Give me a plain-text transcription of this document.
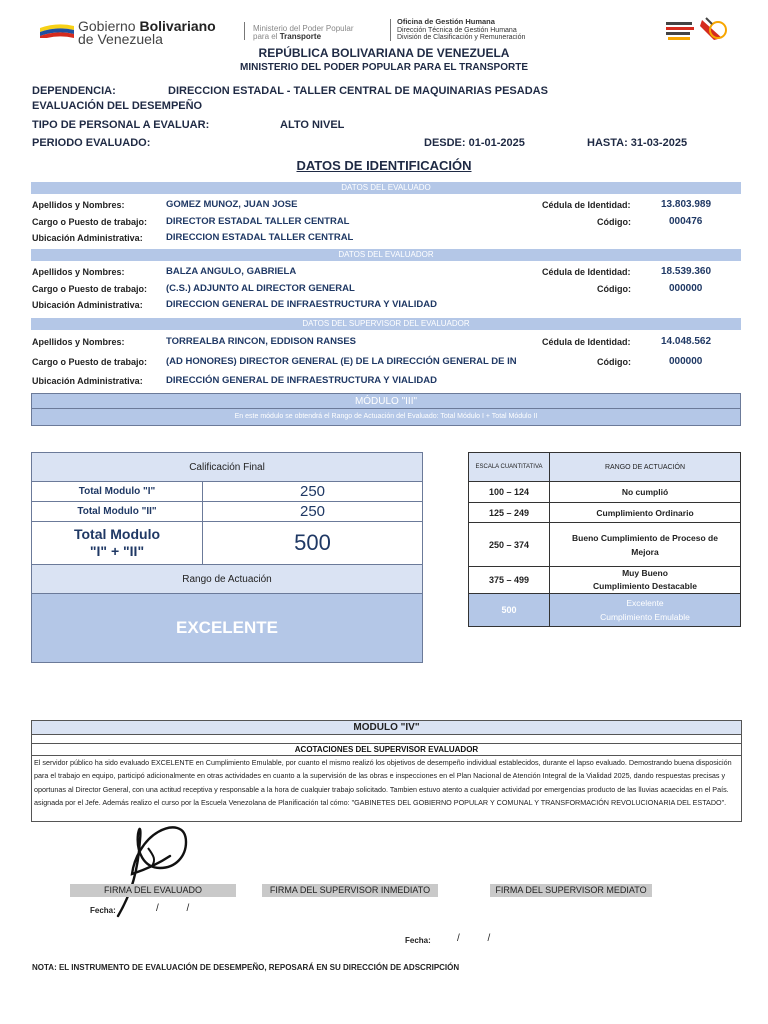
Gobierno Bolivariano
de Venezuela
Ministerio del Poder Popular
para el Transporte
Oficina de Gestión Humana
Dirección Técnica de Gestión Humana
División de Clasificación y Remuneración
REPÚBLICA BOLIVARIANA DE VENEZUELA
MINISTERIO DEL PODER POPULAR PARA EL TRANSPORTE
DEPENDENCIA:	DIRECCION ESTADAL - TALLER CENTRAL DE MAQUINARIAS PESADAS
EVALUACIÓN DEL DESEMPEÑO
TIPO DE PERSONAL A EVALUAR:	ALTO NIVEL
PERIODO EVALUADO:	DESDE: 01-01-2025	HASTA: 31-03-2025
DATOS DE IDENTIFICACIÓN
DATOS DEL EVALUADO
Apellidos y Nombres:	GOMEZ MUNOZ, JUAN JOSE	Cédula de Identidad:	13.803.989
Cargo o Puesto de trabajo: DIRECTOR ESTADAL TALLER CENTRAL	Código:	000476
Ubicación Administrativa: DIRECCION ESTADAL TALLER CENTRAL
DATOS DEL EVALUADOR
Apellidos y Nombres:	BALZA ANGULO, GABRIELA	Cédula de Identidad:	18.539.360
Cargo o Puesto de trabajo: (C.S.) ADJUNTO AL DIRECTOR GENERAL	Código:	000000
Ubicación Administrativa: DIRECCION GENERAL DE INFRAESTRUCTURA Y VIALIDAD
DATOS DEL SUPERVISOR DEL EVALUADOR
Apellidos y Nombres:	TORREALBA RINCON, EDDISON RANSES	Cédula de Identidad:	14.048.562
Cargo o Puesto de trabajo: (AD HONORES) DIRECTOR GENERAL (E) DE LA DIRECCIÓN GENERAL DE IN	Código:	000000
Ubicación Administrativa: DIRECCIÓN GENERAL DE INFRAESTRUCTURA Y VIALIDAD
MÓDULO "III"
En este módulo se obtendrá el Rango de Actuación del Evaluado: Total Módulo I + Total Módulo II
Calificación Final	
Total Modulo "I"	250
Total Modulo "II"	250

Total Modulo
"I" + "II"	500
Rango de Actuación	
EXCELENTE	
ESCALA CUANTITATIVA	RANGO DE ACTUACIÓN
100 – 124	No cumplió
125 – 249	Cumplimiento Ordinario
250 – 374	Bueno Cumplimiento de Proceso de
Mejora

375 – 499	Muy Bueno
Cumplimiento Destacable

500	Excelente
Cumplimiento Emulable
MODULO "IV"
ACOTACIONES DEL SUPERVISOR EVALUADOR
El servidor público ha sido evaluado EXCELENTE en Cumplimiento Emulable, por cuanto el mismo realizó los objetivos de desempeño individual establecidos, durante el lapso evaluado. Demostrando buena disposición para el trabajo en equipo, participó adicionalmente en otras actividades en cuanto a la supervisión de las obras e inspecciones en el Plan Nacional de Atención Integral de la Vialidad 2025, dando respuestas precisas y oportunas al Director General, con una actitud receptiva y responsable a la hora de cualquier trabajo solicitado. Tambien estuvo atento a cualquier actividad por emergencias producto de las lluvias acaecidas en el País. asignada por el Jefe. Además realizo el curso por la Escuela Venezolana de Planificación tal cómo: "GABINETES DEL GOBIERNO POPULAR Y COMUNAL Y TRANSFORMACIÓN REVOLUCIONARIA DEL ESTADO".
FIRMA DEL EVALUADO	FIRMA DEL SUPERVISOR INMEDIATO	FIRMA DEL SUPERVISOR MEDIATO
Fecha:	/          /
Fecha:	/          /
NOTA: EL INSTRUMENTO DE EVALUACIÓN DE DESEMPEÑO, REPOSARÁ EN SU DIRECCIÓN DE ADSCRIPCIÓN
